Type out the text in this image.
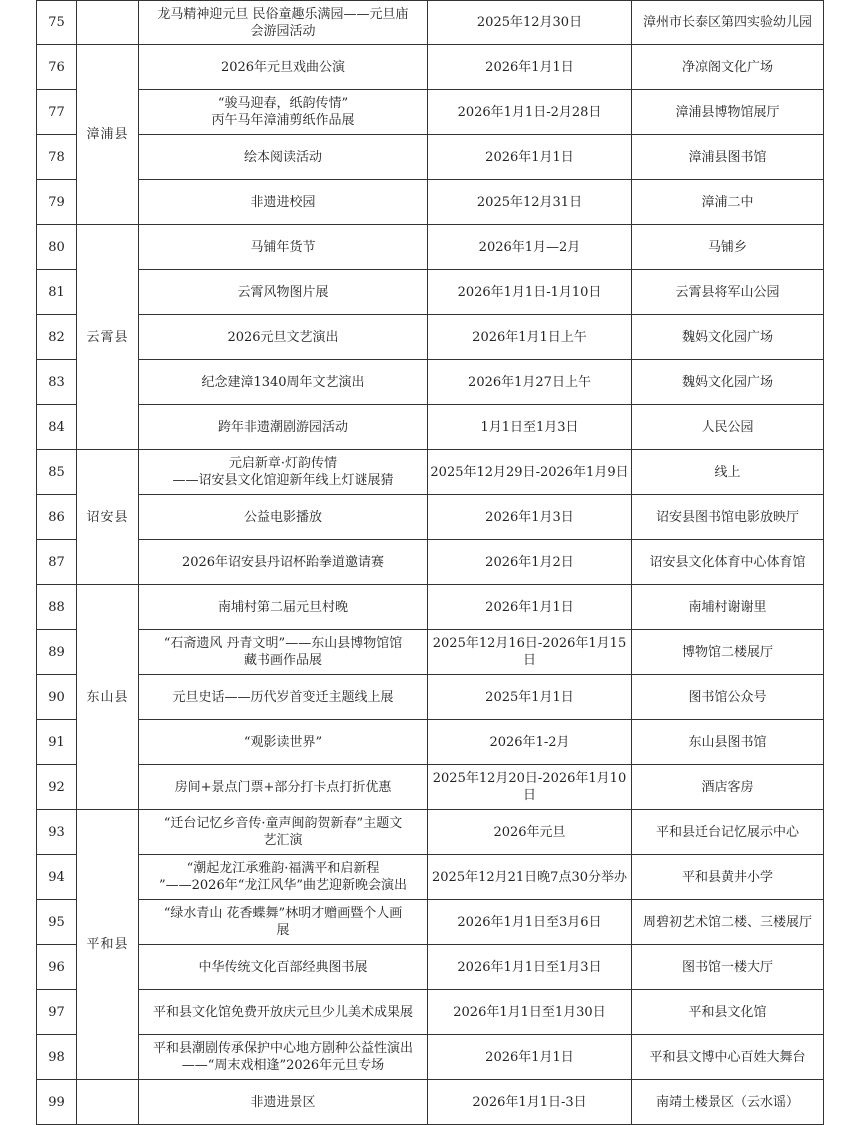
75		龙马精神迎元旦 民俗童趣乐满园——元旦庙
会游园活动	2025年12月30日	漳州市长泰区第四实验幼儿园
76	漳浦县	2026年元旦戏曲公演	2026年1月1日	净凉阁文化广场
77		“骏马迎春，纸韵传情”
丙午马年漳浦剪纸作品展	2026年1月1日-2月28日	漳浦县博物馆展厅
78		绘本阅读活动	2026年1月1日	漳浦县图书馆
79		非遗进校园	2025年12月31日	漳浦二中
80	云霄县	马铺年货节	2026年1月—2月	马铺乡
81		云霄风物图片展	2026年1月1日-1月10日	云霄县将军山公园
82		2026元旦文艺演出	2026年1月1日上午	魏妈文化园广场
83		纪念建漳1340周年文艺演出	2026年1月27日上午	魏妈文化园广场
84		跨年非遗潮剧游园活动	1月1日至1月3日	人民公园
85	诏安县	元启新章·灯韵传情
——诏安县文化馆迎新年线上灯谜展猜	2025年12月29日-2026年1月9日	线上
86		公益电影播放	2026年1月3日	诏安县图书馆电影放映厅
87		2026年诏安县丹诏杯跆拳道邀请赛	2026年1月2日	诏安县文化体育中心体育馆
88	东山县	南埔村第二届元旦村晚	2026年1月1日	南埔村谢谢里
89		“石斋遗风 丹青文明”——东山县博物馆馆
藏书画作品展	2025年12月16日-2026年1月15日	博物馆二楼展厅
90		元旦史话——历代岁首变迁主题线上展	2025年1月1日	图书馆公众号
91		“观影读世界”	2026年1-2月	东山县图书馆
92		房间+景点门票+部分打卡点打折优惠	2025年12月20日-2026年1月10日	酒店客房
93	平和县	“迁台记忆乡音传·童声闽韵贺新春”主题文
艺汇演	2026年元旦	平和县迁台记忆展示中心
94		“潮起龙江承雅韵·福满平和启新程
”——2026年“龙江风华”曲艺迎新晚会演出	2025年12月21日晚7点30分举办	平和县黄井小学
95		“绿水青山 花香蝶舞”林明才赠画暨个人画
展	2026年1月1日至3月6日	周碧初艺术馆二楼、三楼展厅
96		中华传统文化百部经典图书展	2026年1月1日至1月3日	图书馆一楼大厅
97		平和县文化馆免费开放庆元旦少儿美术成果展	2026年1月1日至1月30日	平和县文化馆
98		平和县潮剧传承保护中心地方剧种公益性演出
——“周末戏相逢”2026年元旦专场	2026年1月1日	平和县文博中心百姓大舞台
99		非遗进景区	2026年1月1日-3日	南靖土楼景区（云水谣）
